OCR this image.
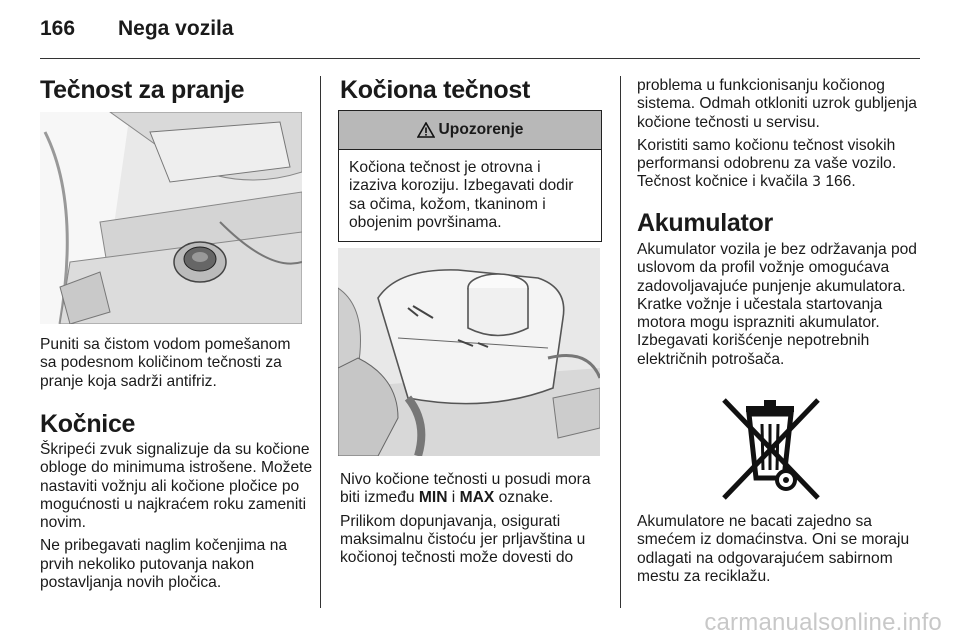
166 Nega vozila
Tečnost za pranje
Puniti sa čistom vodom pomešanom sa podesnom količinom tečnosti za pranje koja sadrži antifriz.
Kočnice

Škripeći zvuk signalizuje da su kočione obloge do minimuma istrošene. Možete nastaviti vožnju ali kočione pločice po mogućnosti u najkraćem roku zameniti novim.

Ne pribegavati naglim kočenjima na prvih nekoliko putovanja nakon postavljanja novih pločica.

Kočiona tečnost
Upozorenje
Kočiona tečnost je otrovna i izaziva koroziju. Izbegavati dodir sa očima, kožom, tkaninom i obojenim površinama.

Nivo kočione tečnosti u posudi mora biti između MIN i MAX oznake.

Prilikom dopunjavanja, osigurati maksimalnu čistoću jer prljavština u kočionoj tečnosti može dovesti do

problema u funkcionisanju kočionog sistema. Odmah otkloniti uzrok gubljenja kočione tečnosti u servisu.

Koristiti samo kočionu tečnost visokih performansi odobrenu za vaše vozilo. Tečnost kočnice i kvačila 3 166.

Akumulator
Akumulator vozila je bez održavanja pod uslovom da profil vožnje omogućava zadovoljavajuće punjenje akumulatora. Kratke vožnje i učestala startovanja motora mogu isprazniti akumulator. Izbegavati korišćenje nepotrebnih električnih potrošača.
Akumulatore ne bacati zajedno sa smećem iz domaćinstva. Oni se moraju odlagati na odgovarajućem sabirnom mestu za reciklažu.
carmanualsonline.info
